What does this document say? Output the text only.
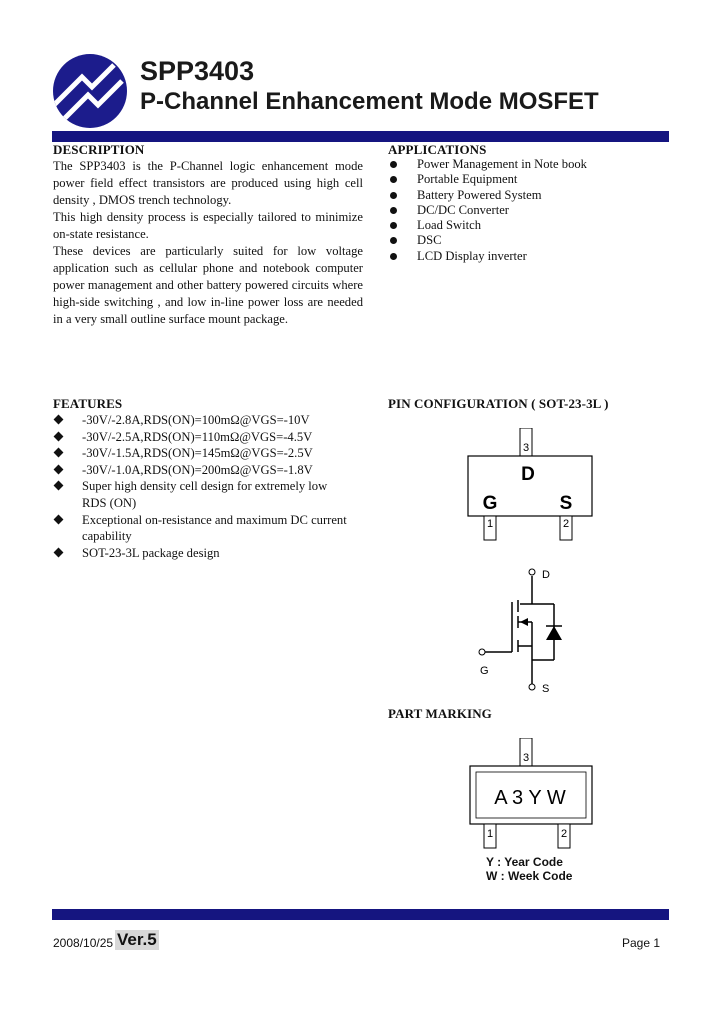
SPP3403
P-Channel Enhancement Mode MOSFET
DESCRIPTION

The SPP3403 is the P-Channel logic enhancement mode power field effect transistors are produced using high cell density , DMOS trench technology.

This high density process is especially tailored to minimize on-state resistance.

These devices are particularly suited for low voltage application such as cellular phone and notebook computer power management and other battery powered circuits where high-side switching , and low in-line power loss are needed in a very small outline surface mount package.

APPLICATIONS
Power Management in Note book
Portable Equipment
Battery Powered System
DC/DC Converter
Load Switch
DSC
LCD Display inverter
FEATURES
-30V/-2.8A,RDS(ON)=100mΩ@VGS=-10V
-30V/-2.5A,RDS(ON)=110mΩ@VGS=-4.5V
-30V/-1.5A,RDS(ON)=145mΩ@VGS=-2.5V
-30V/-1.0A,RDS(ON)=200mΩ@VGS=-1.8V
Super high density cell design for extremely low RDS (ON)
Exceptional on-resistance and maximum DC current capability
SOT-23-3L package design
PIN CONFIGURATION ( SOT-23-3L )
3
1	2
D
G	S
D
G
S
PART MARKING
3
1	2
A 3 Y W
Y : Year Code
W : Week Code
2008/10/25 Ver.5	Page 1
